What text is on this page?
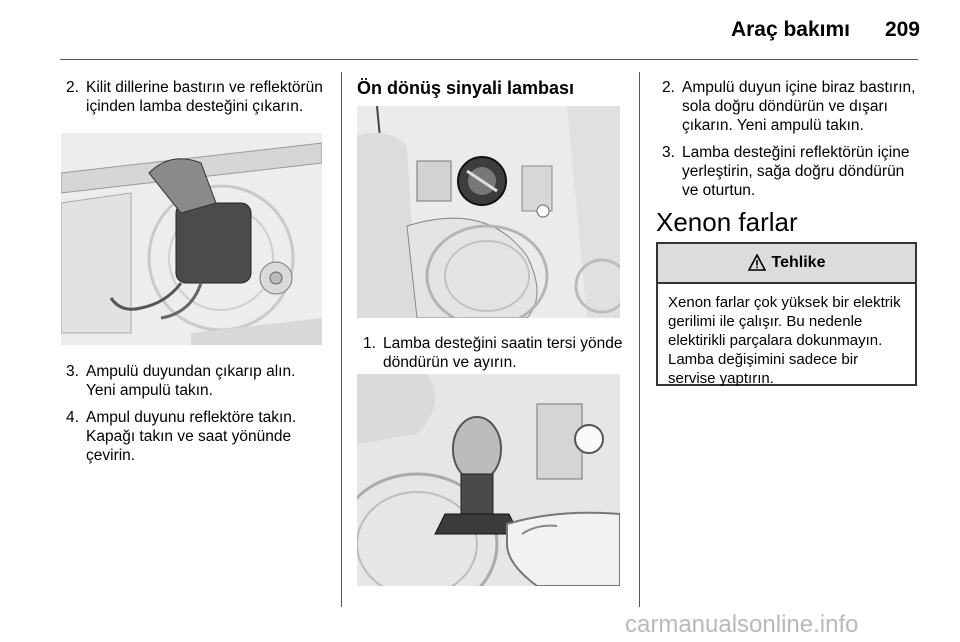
Araç bakımı	209
2. Kilit dillerine bastırın ve reflektörün içinden lamba desteğini çıkarın.
3. Ampulü duyundan çıkarıp alın. Yeni ampulü takın.
4. Ampul duyunu reflektöre takın. Kapağı takın ve saat yönünde çevirin.
Ön dönüş sinyali lambası
1. Lamba desteğini saatin tersi yönde döndürün ve ayırın.
2. Ampulü duyun içine biraz bastırın, sola doğru döndürün ve dışarı çıkarın. Yeni ampulü takın.
3. Lamba desteğini reflektörün içine yerleştirin, sağa doğru döndürün ve oturtun.
Xenon farlar
Tehlike
Xenon farlar çok yüksek bir elektrik gerilimi ile çalışır. Bu nedenle elektirikli parçalara dokunmayın. Lamba değişimini sadece bir servise yaptırın.
carmanualsonline.info
